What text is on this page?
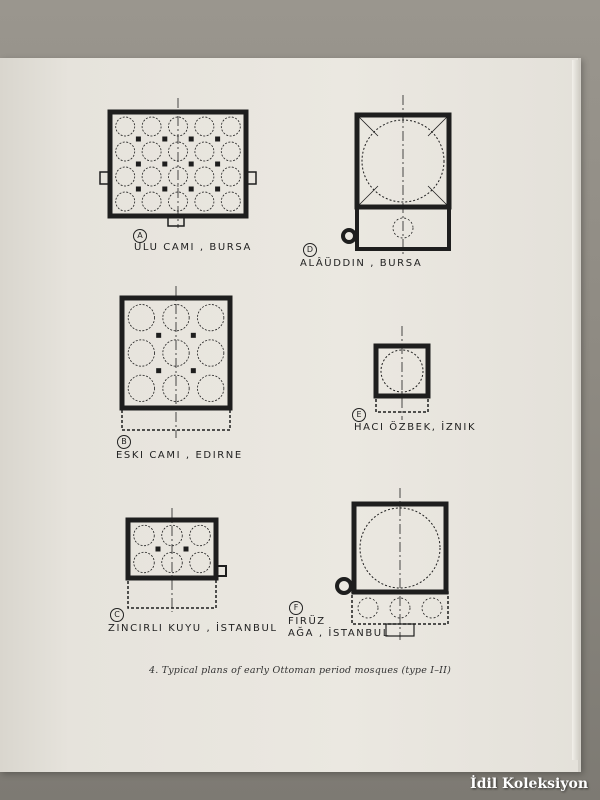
A
ULU CAMI , BURSA	D
ALÂÜDDIN , BURSA
B
ESKI CAMI , EDIRNE
E
HACI ÖZBEK, İZNIK
C
ZINCIRLI KUYU , İSTANBUL
F
FIRÜZ
AĞA , İSTANBUL
4. Typical plans of early Ottoman period mosques (type I–II)
İdil Koleksiyon
